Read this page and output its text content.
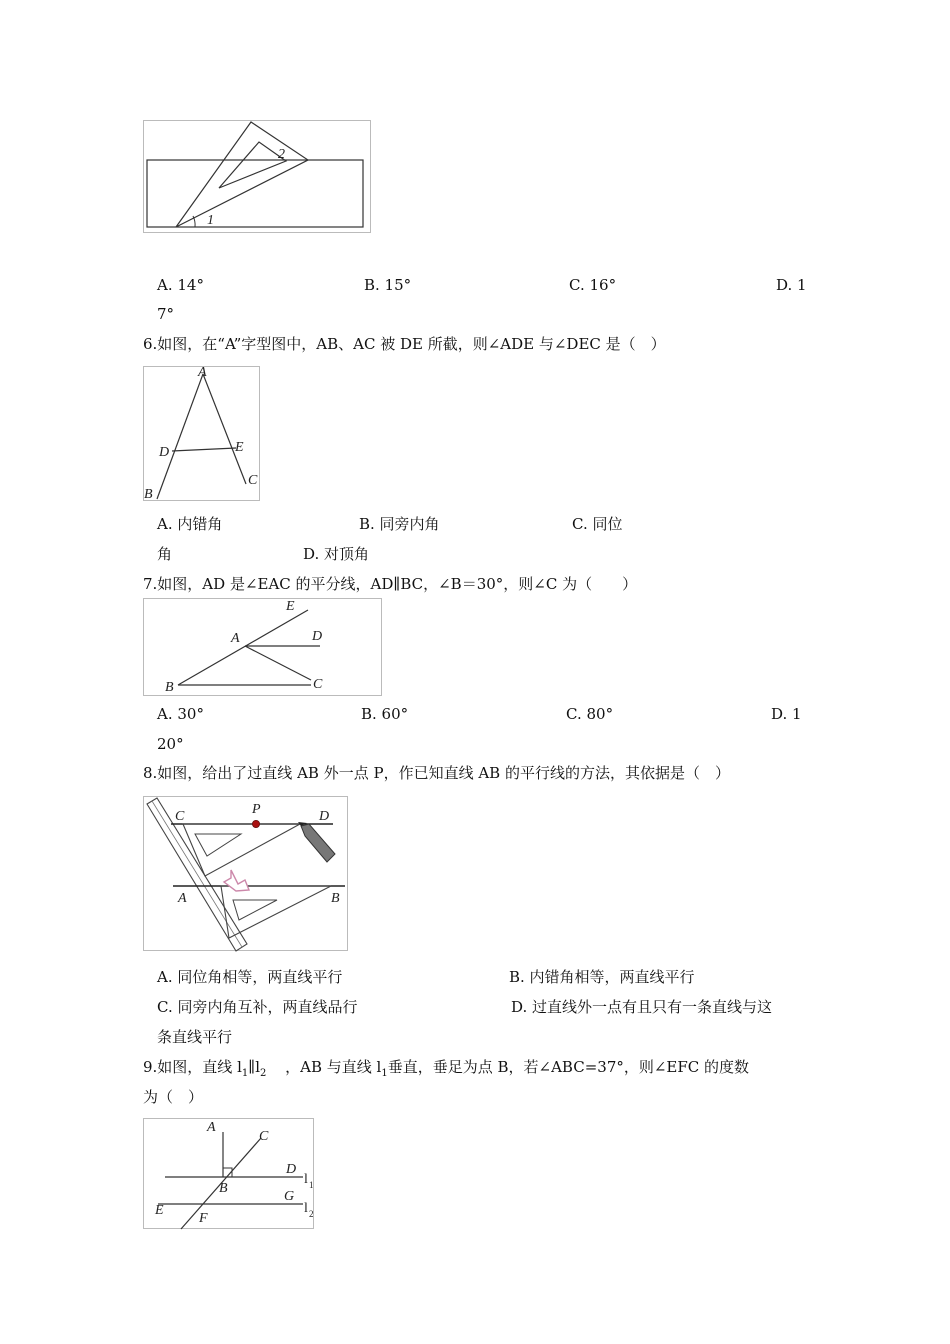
1
2
A. 14°	B. 15°	C. 16°	D. 1
7°
6.如图，在“A”字型图中，AB、AC 被 DE 所截，则∠ADE 与∠DEC 是（　）
A
D	E
B
C
A. 内错角	B. 同旁内角	C. 同位
角	D. 对顶角
7.如图，AD 是∠EAC 的平分线，AD∥BC，∠B＝30°，则∠C 为（　　）
E
D
A
B	C
A. 30°	B. 60°	C. 80°	D. 1
20°
8.如图，给出了过直线 AB 外一点 P，作已知直线 AB 的平行线的方法，其依据是（　）
C	P	D
A	B
A. 同位角相等，两直线平行	B. 内错角相等，两直线平行
C. 同旁内角互补，两直线品行	D. 过直线外一点有且只有一条直线与这
条直线平行
9.如图，直线 $l_1\parallel l_2$ ，AB 与直线 $l_1$垂直，垂足为点 B，若∠ABC=37°，则∠EFC 的度数
为（　）
A
C
D
B
G
E
F
l 1
l 2
